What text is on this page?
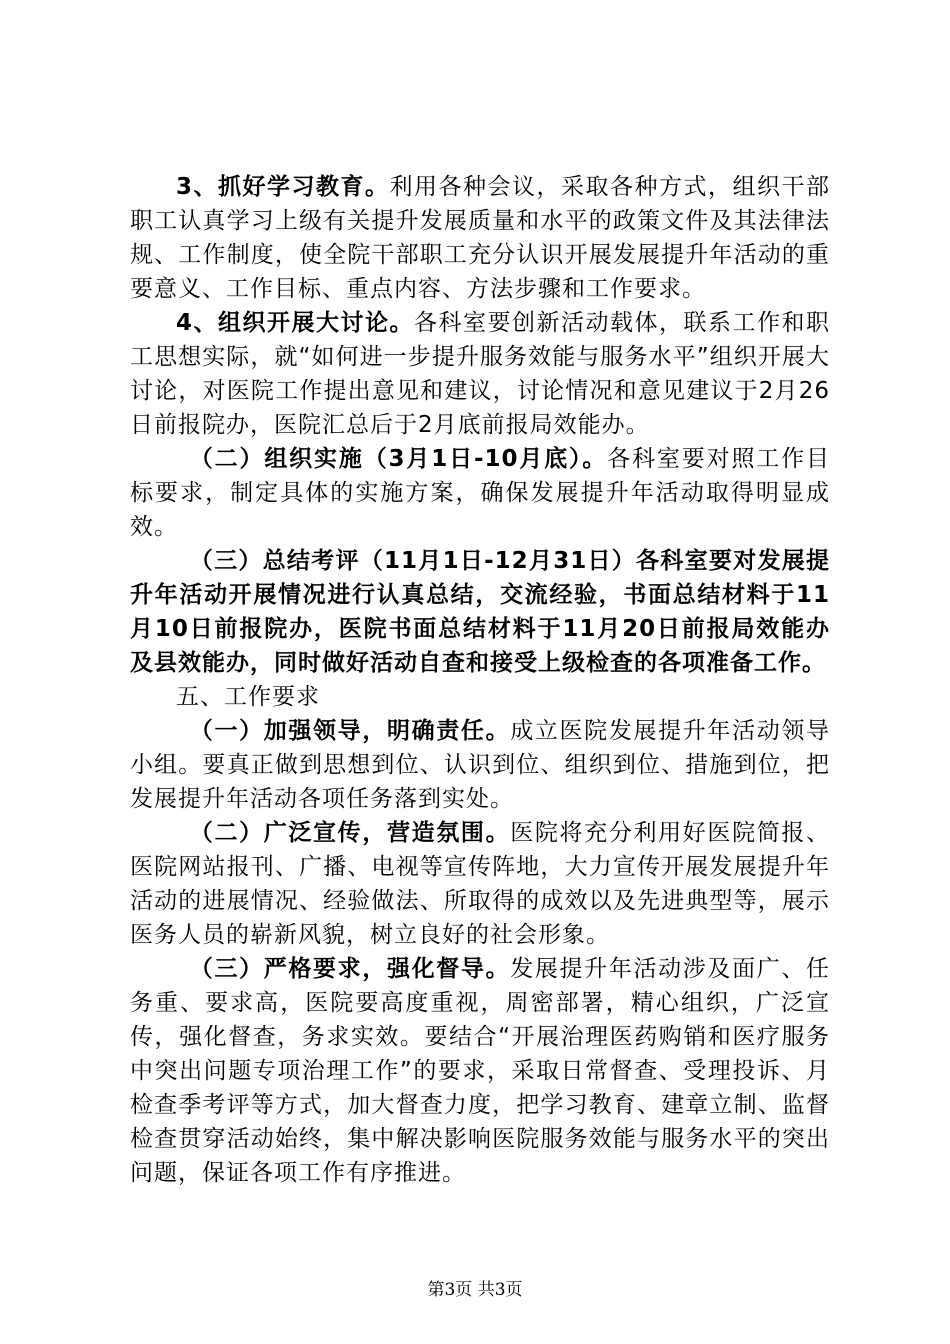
3、抓好学习教育。利用各种会议，采取各种方式，组织干部职工认真学习上级有关提升发展质量和水平的政策文件及其法律法规、工作制度，使全院干部职工充分认识开展发展提升年活动的重要意义、工作目标、重点内容、方法步骤和工作要求。

4、组织开展大讨论。各科室要创新活动载体，联系工作和职工思想实际，就“如何进一步提升服务效能与服务水平”组织开展大讨论，对医院工作提出意见和建议，讨论情况和意见建议于2月26日前报院办，医院汇总后于2月底前报局效能办。

（二）组织实施（3月1日-10月底）。各科室要对照工作目标要求，制定具体的实施方案，确保发展提升年活动取得明显成效。

（三）总结考评（11月1日-12月31日）各科室要对发展提升年活动开展情况进行认真总结，交流经验，书面总结材料于11月10日前报院办，医院书面总结材料于11月20日前报局效能办及县效能办，同时做好活动自查和接受上级检查的各项准备工作。

五、工作要求

（一）加强领导，明确责任。成立医院发展提升年活动领导小组。要真正做到思想到位、认识到位、组织到位、措施到位，把发展提升年活动各项任务落到实处。

（二）广泛宣传，营造氛围。医院将充分利用好医院简报、医院网站报刊、广播、电视等宣传阵地，大力宣传开展发展提升年活动的进展情况、经验做法、所取得的成效以及先进典型等，展示医务人员的崭新风貌，树立良好的社会形象。

（三）严格要求，强化督导。发展提升年活动涉及面广、任务重、要求高，医院要高度重视，周密部署，精心组织，广泛宣传，强化督查，务求实效。要结合“开展治理医药购销和医疗服务中突出问题专项治理工作”的要求，采取日常督查、受理投诉、月检查季考评等方式，加大督查力度，把学习教育、建章立制、监督检查贯穿活动始终，集中解决影响医院服务效能与服务水平的突出问题，保证各项工作有序推进。

第3页 共3页
